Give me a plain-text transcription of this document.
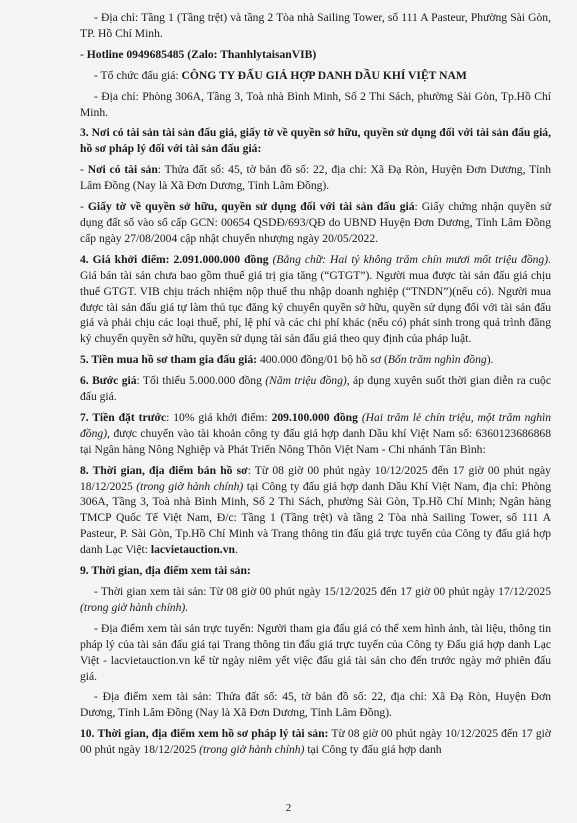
- Địa chỉ: Tầng 1 (Tầng trệt) và tầng 2 Tòa nhà Sailing Tower, số 111 A Pasteur, Phường Sài Gòn, TP. Hồ Chí Minh.

- Hotline 0949685485 (Zalo: ThanhlytaisanVIB)

- Tổ chức đấu giá: CÔNG TY ĐẤU GIÁ HỢP DANH DẦU KHÍ VIỆT NAM

- Địa chỉ: Phòng 306A, Tầng 3, Toà nhà Bình Minh, Số 2 Thi Sách, phường Sài Gòn, Tp.Hồ Chí Minh.

3. Nơi có tài sản tài sản đấu giá, giấy tờ về quyền sở hữu, quyền sử dụng đối với tài sản đấu giá, hồ sơ pháp lý đối với tài sản đấu giá:

- Nơi có tài sản: Thửa đất số: 45, tờ bản đồ số: 22, địa chỉ: Xã Đạ Ròn, Huyện Đơn Dương, Tỉnh Lâm Đồng (Nay là Xã Đơn Dương, Tỉnh Lâm Đồng).

- Giấy tờ về quyền sở hữu, quyền sử dụng đối với tài sản đấu giá: Giấy chứng nhận quyền sử dụng đất số vào sổ cấp GCN: 00654 QSDĐ/693/QĐ do UBND Huyện Đơn Dương, Tỉnh Lâm Đồng cấp ngày 27/08/2004 cập nhật chuyển nhượng ngày 20/05/2022.

4. Giá khởi điểm: 2.091.000.000 đồng (Bằng chữ: Hai tỷ không trăm chín mươi mốt triệu đồng). Giá bán tài sản chưa bao gồm thuế giá trị gia tăng (“GTGT”). Người mua được tài sản đấu giá chịu thuế GTGT. VIB chịu trách nhiệm nộp thuế thu nhập doanh nghiệp (“TNDN”)(nếu có). Người mua được tài sản đấu giá tự làm thủ tục đăng ký chuyển quyền sở hữu, quyền sử dụng đối với tài sản đấu giá và phải chịu các loại thuế, phí, lệ phí và các chi phí khác (nếu có) phát sinh trong quá trình đăng ký chuyển quyền sở hữu, quyền sử dụng tài sản đấu giá theo quy định của pháp luật.

5. Tiền mua hồ sơ tham gia đấu giá: 400.000 đồng/01 bộ hồ sơ (Bốn trăm nghìn đồng).

6. Bước giá: Tối thiểu 5.000.000 đồng (Năm triệu đồng), áp dụng xuyên suốt thời gian diễn ra cuộc đấu giá.

7. Tiền đặt trước: 10% giá khởi điểm: 209.100.000 đồng (Hai trăm lẻ chín triệu, một trăm nghìn đồng), được chuyển vào tài khoản công ty đấu giá hợp danh Dầu khí Việt Nam số: 6360123686868 tại Ngân hàng Nông Nghiệp và Phát Triển Nông Thôn Việt Nam - Chi nhánh Tân Bình:

8. Thời gian, địa điểm bán hồ sơ: Từ 08 giờ 00 phút ngày 10/12/2025 đến 17 giờ 00 phút ngày 18/12/2025 (trong giờ hành chính) tại Công ty đấu giá hợp danh Dầu Khí Việt Nam, địa chỉ: Phòng 306A, Tầng 3, Toà nhà Bình Minh, Số 2 Thi Sách, phường Sài Gòn, Tp.Hồ Chí Minh; Ngân hàng TMCP Quốc Tế Việt Nam, Đ/c: Tầng 1 (Tầng trệt) và tầng 2 Tòa nhà Sailing Tower, số 111 A Pasteur, P. Sài Gòn, Tp.Hồ Chí Minh và Trang thông tin đấu giá trực tuyến của Công ty đấu giá hợp danh Lạc Việt: lacvietauction.vn.

9. Thời gian, địa điểm xem tài sản:

- Thời gian xem tài sản: Từ 08 giờ 00 phút ngày 15/12/2025 đến 17 giờ 00 phút ngày 17/12/2025 (trong giờ hành chính).

- Địa điểm xem tài sản trực tuyến: Người tham gia đấu giá có thể xem hình ảnh, tài liệu, thông tin pháp lý của tài sản đấu giá tại Trang thông tin đấu giá trực tuyến của Công ty Đấu giá hợp danh Lạc Việt - lacvietauction.vn kể từ ngày niêm yết việc đấu giá tài sản cho đến trước ngày mở phiên đấu giá.

- Địa điểm xem tài sản: Thửa đất số: 45, tờ bản đồ số: 22, địa chỉ: Xã Đạ Ròn, Huyện Đơn Dương, Tỉnh Lâm Đồng (Nay là Xã Đơn Dương, Tỉnh Lâm Đồng).

10. Thời gian, địa điểm xem hồ sơ pháp lý tài sản: Từ 08 giờ 00 phút ngày 10/12/2025 đến 17 giờ 00 phút ngày 18/12/2025 (trong giờ hành chính) tại Công ty đấu giá hợp danh

2
